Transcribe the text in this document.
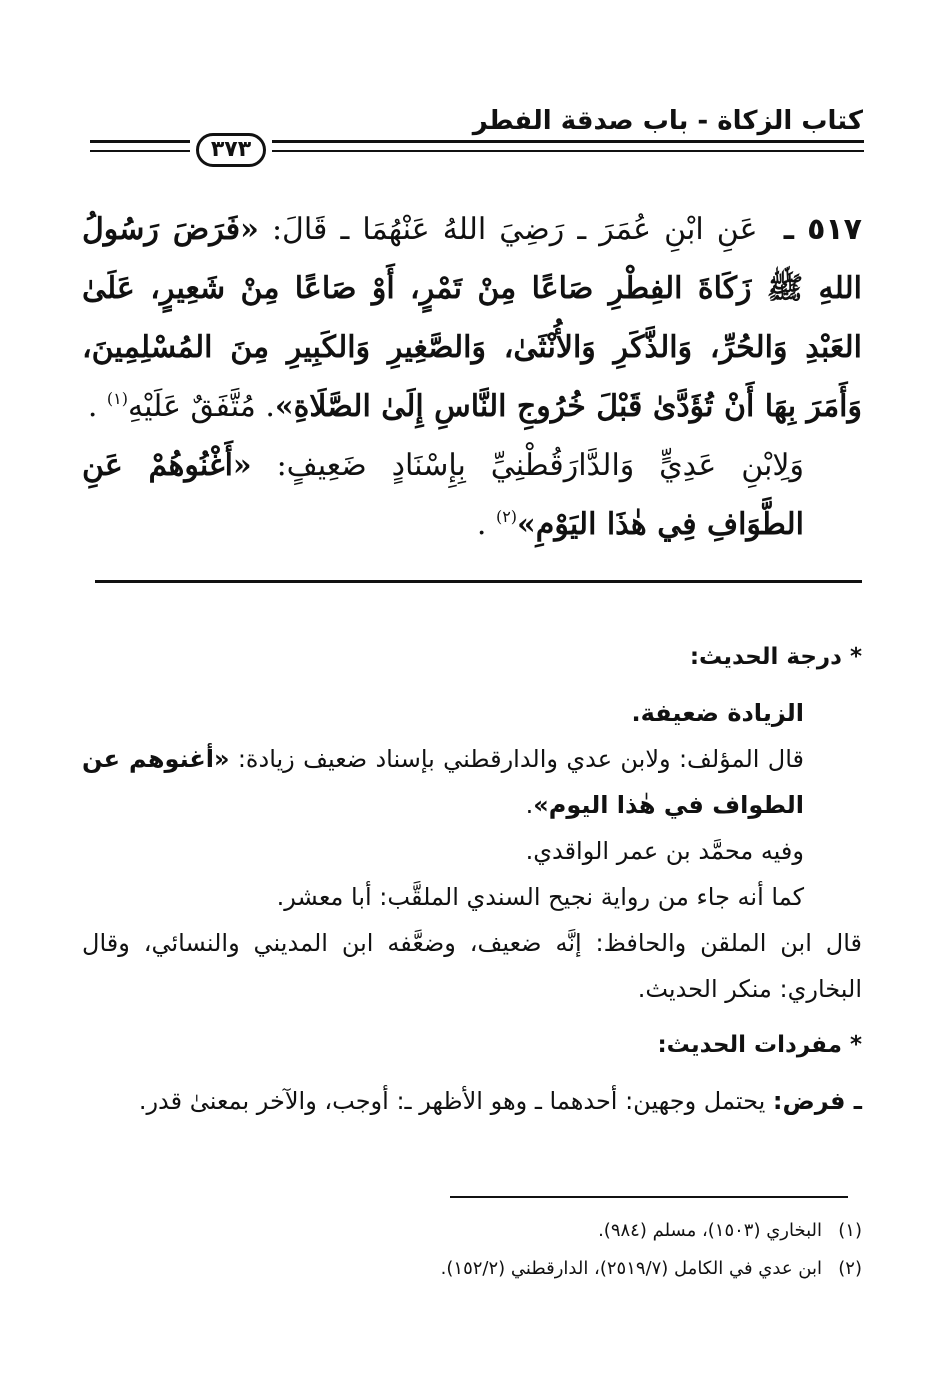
كتاب الزكاة - باب صدقة الفطر
٣٧٣

٥١٧ ـ  عَنِ ابْنِ عُمَرَ ـ رَضِيَ اللهُ عَنْهُمَا ـ قَالَ: «فَرَضَ رَسُولُ اللهِ ﷺ زَكَاةَ الفِطْرِ صَاعًا مِنْ تَمْرٍ، أَوْ صَاعًا مِنْ شَعِيرٍ، عَلَىٰ العَبْدِ وَالحُرِّ، وَالذَّكَرِ وَالأُنْثَىٰ، وَالصَّغِيرِ وَالكَبِيرِ مِنَ المُسْلِمِينَ، وَأَمَرَ بِهَا أَنْ تُؤَدَّىٰ قَبْلَ خُرُوجِ النَّاسِ إِلَىٰ الصَّلَاةِ». مُتَّفَقٌ عَلَيْهِ$^{(١)}$ .

وَلِابْنِ عَدِيٍّ وَالدَّارَقُطْنِيِّ بِإِسْنَادٍ ضَعِيفٍ: «أَغْنُوهُمْ عَنِ الطَّوَافِ فِي هٰذَا اليَوْمِ»$^{(٢)}$ .

* درجة الحديث:

الزيادة ضعيفة.

قال المؤلف: ولابن عدي والدارقطني بإسناد ضعيف زيادة: «أغنوهم عن الطواف في هٰذا اليوم».

وفيه محمَّد بن عمر الواقدي.

كما أنه جاء من رواية نجيح السندي الملقَّب: أبا معشر.

قال ابن الملقن والحافظ: إنَّه ضعيف، وضعَّفه ابن المديني والنسائي، وقال البخاري: منكر الحديث.

* مفردات الحديث:

ـ فرض: يحتمل وجهين: أحدهما ـ وهو الأظهر ـ: أوجب، والآخر بمعنىٰ قدر.

(١)البخاري (١٥٠٣)، مسلم (٩٨٤).

(٢)ابن عدي في الكامل (٢٥١٩/٧)، الدارقطني (١٥٢/٢).
